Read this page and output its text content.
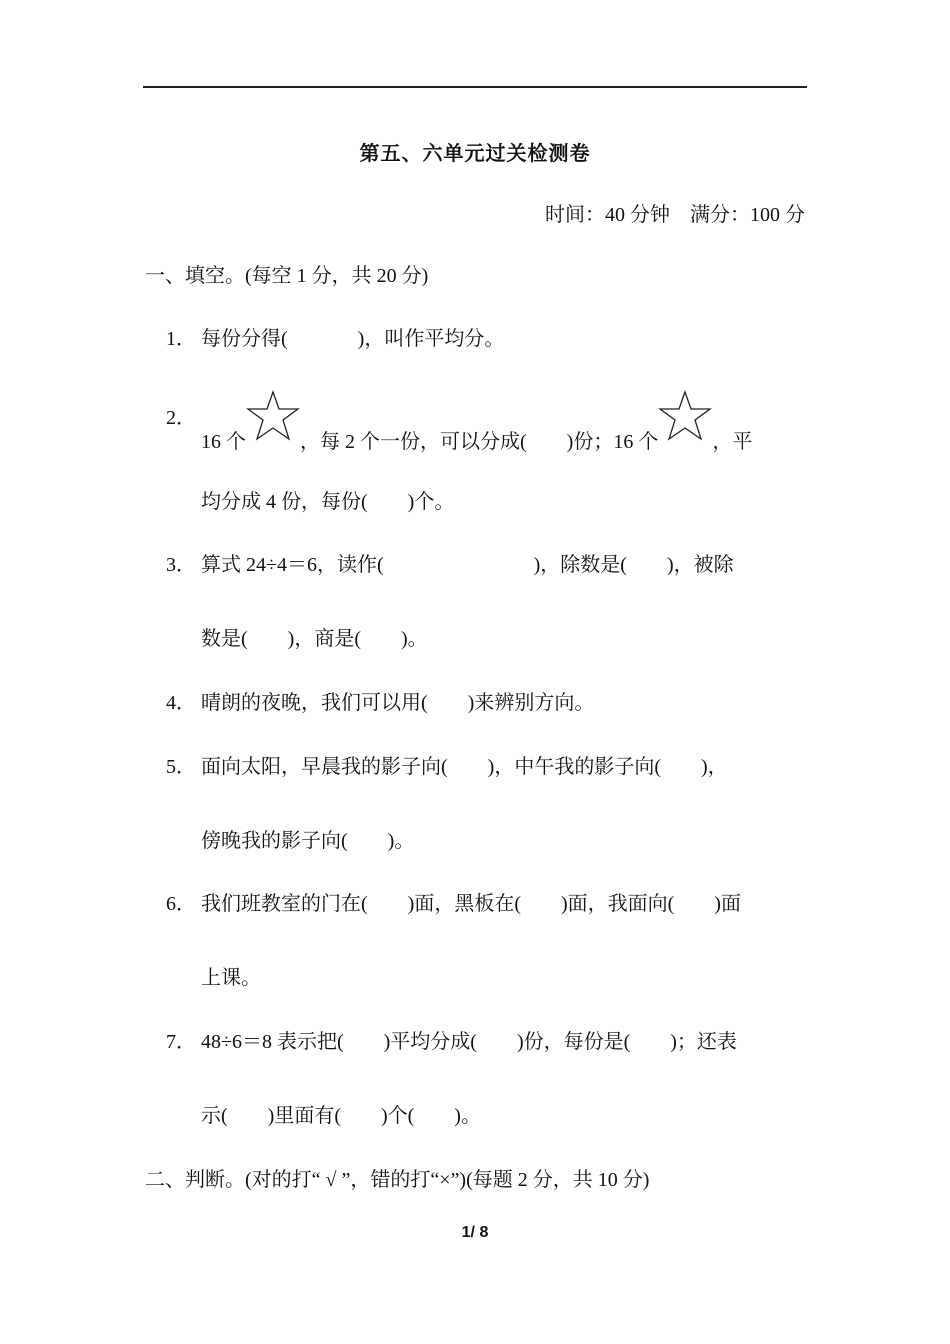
第五、六单元过关检测卷
时间：40 分钟 满分：100 分
一、填空。(每空 1 分，共 20 分)
1． 每份分得(              )，叫作平均分。
2．
16 个	，每 2 个一份，可以分成(        )份；16 个	，平
均分成 4 份，每份(        )个。
3． 算式 24÷4＝6，读作(                              )，除数是(        )，被除
数是(        )，商是(        )。
4． 晴朗的夜晚，我们可以用(        )来辨别方向。
5． 面向太阳，早晨我的影子向(        )，中午我的影子向(        )，
傍晚我的影子向(        )。
6． 我们班教室的门在(        )面，黑板在(        )面，我面向(        )面
上课。
7． 48÷6＝8 表示把(        )平均分成(        )份，每份是(        )；还表
示(        )里面有(        )个(        )。
二、判断。(对的打“ √ ”，错的打“×”)(每题 2 分，共 10 分)
1/ 8
